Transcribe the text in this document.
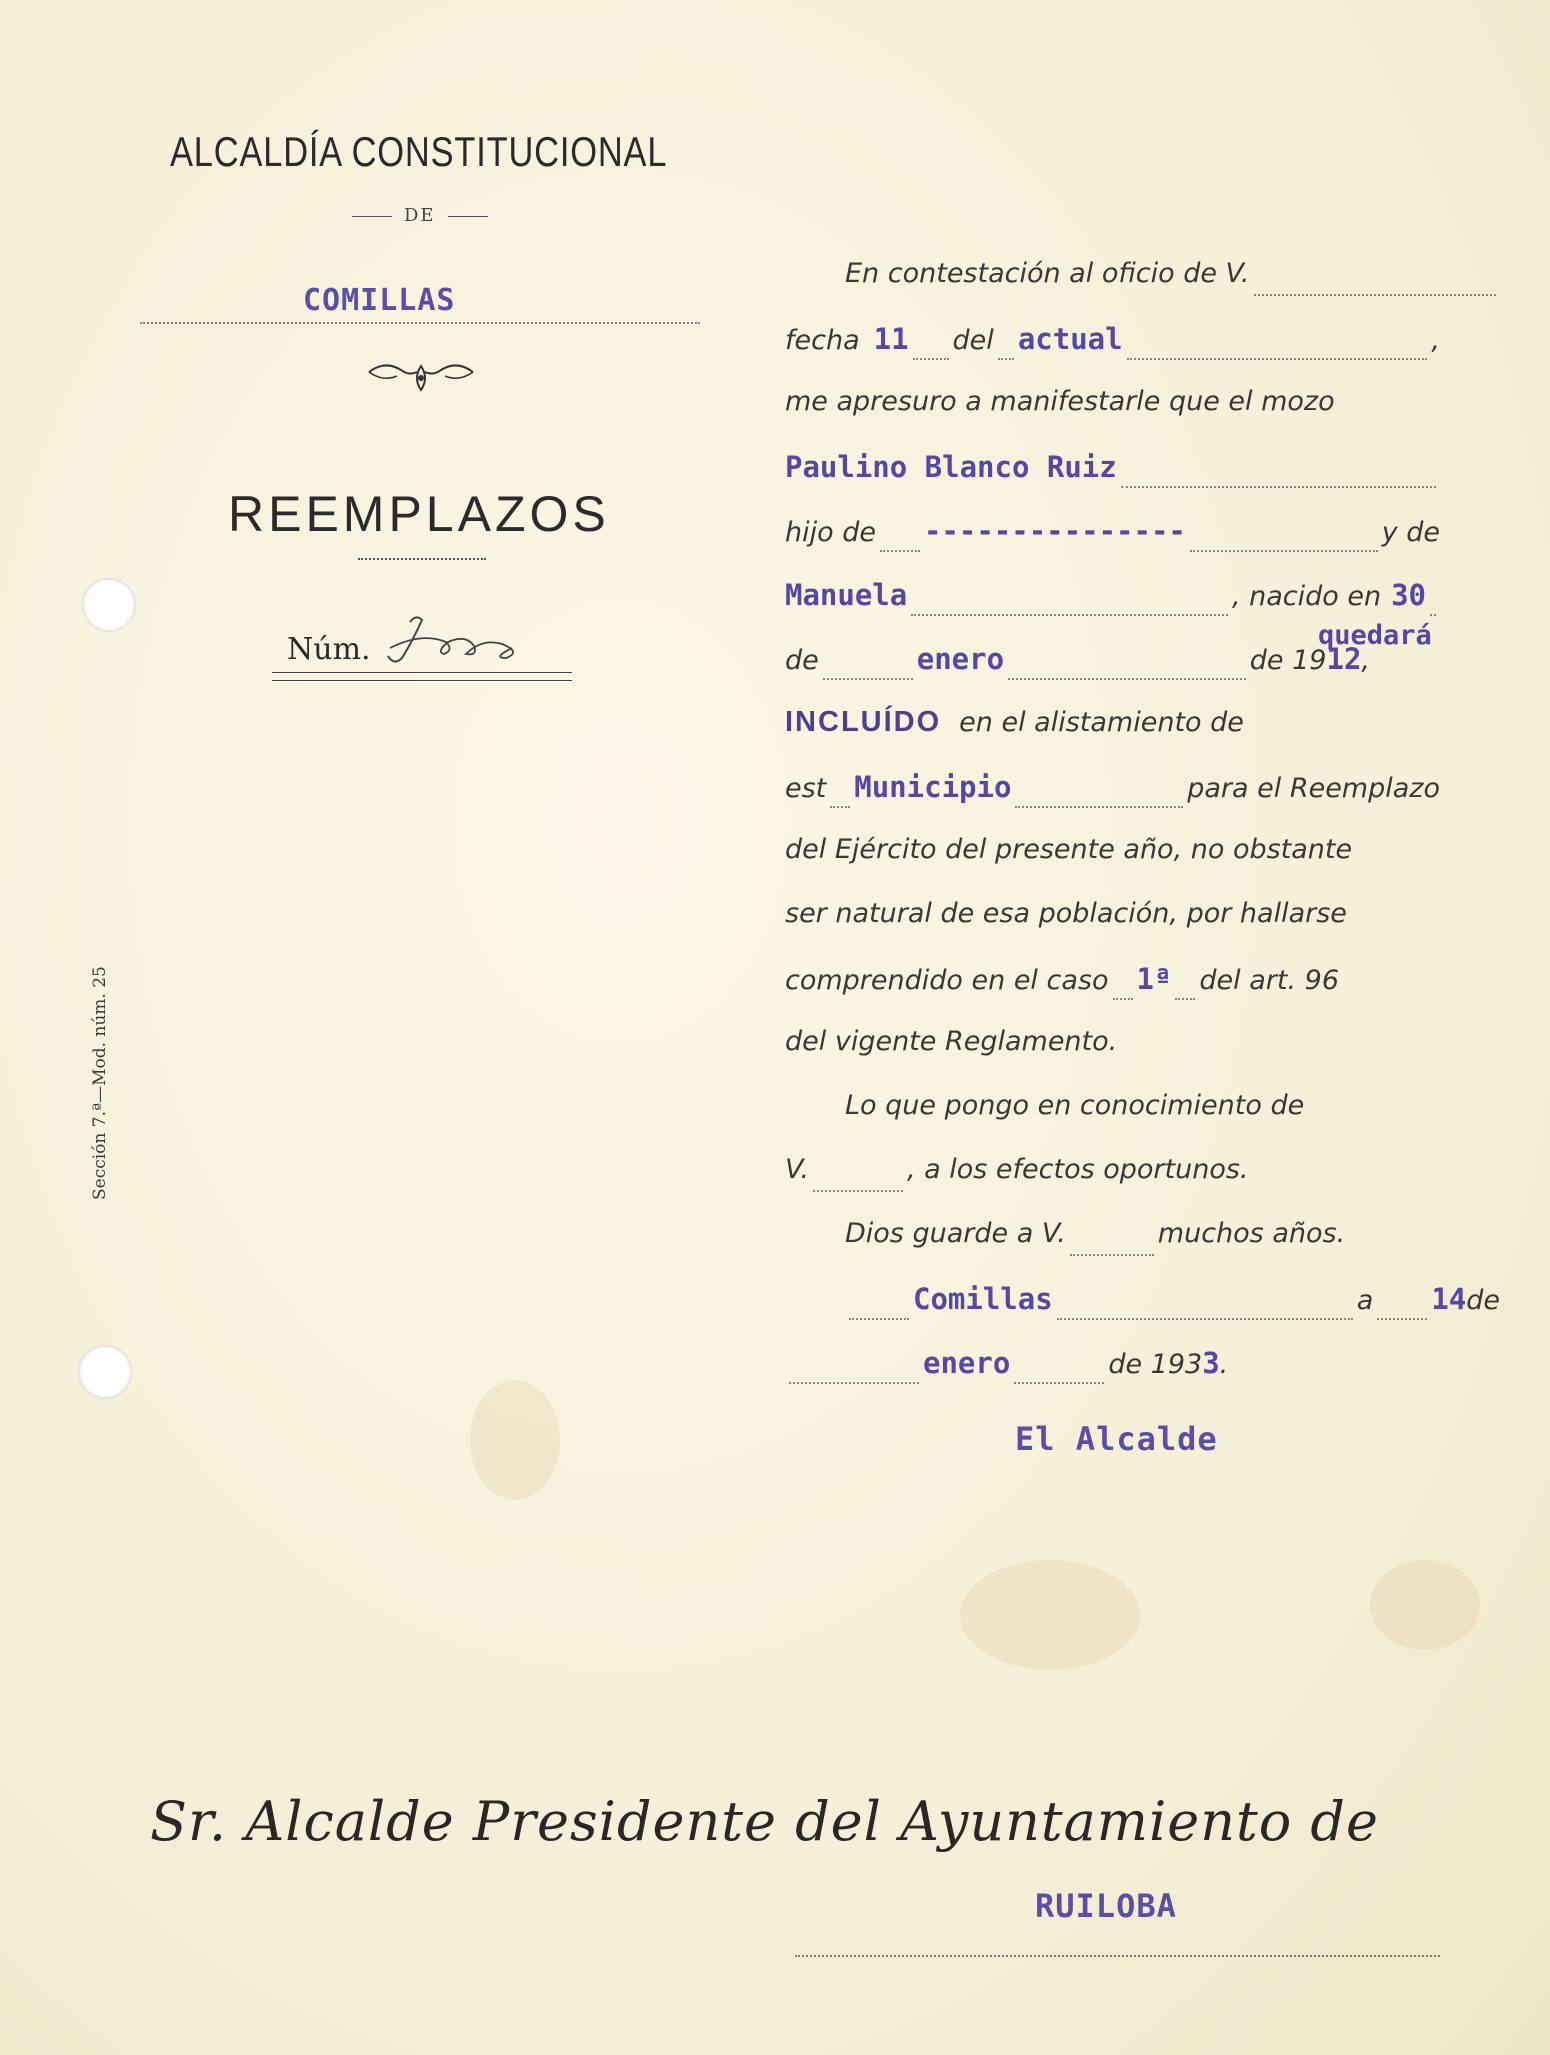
ALCALDÍA CONSTITUCIONAL
DE
COMILLAS
REEMPLAZOS
Núm.
Sección 7.ª—Mod. núm. 25
En contestación al oficio de V.
fecha 11 del actual	,
me apresuro a manifestarle que el mozo
Paulino Blanco Ruiz
hijo de ---------------	y de
Manuela	, nacido en 30
de	enero	de 19 12 ,
quedará
INCLUÍDO en el alistamiento de
est Municipio	para el Reemplazo
del Ejército del presente año, no obstante
ser natural de esa población, por hallarse
comprendido en el caso 1ª del art. 96
del vigente Reglamento.
Lo que pongo en conocimiento de
V.	, a los efectos oportunos.
Dios guarde a V.	muchos años.
Comillas	a 14 de
enero	de 193 3 .
El Alcalde
Sr. Alcalde Presidente del Ayuntamiento de
RUILOBA
